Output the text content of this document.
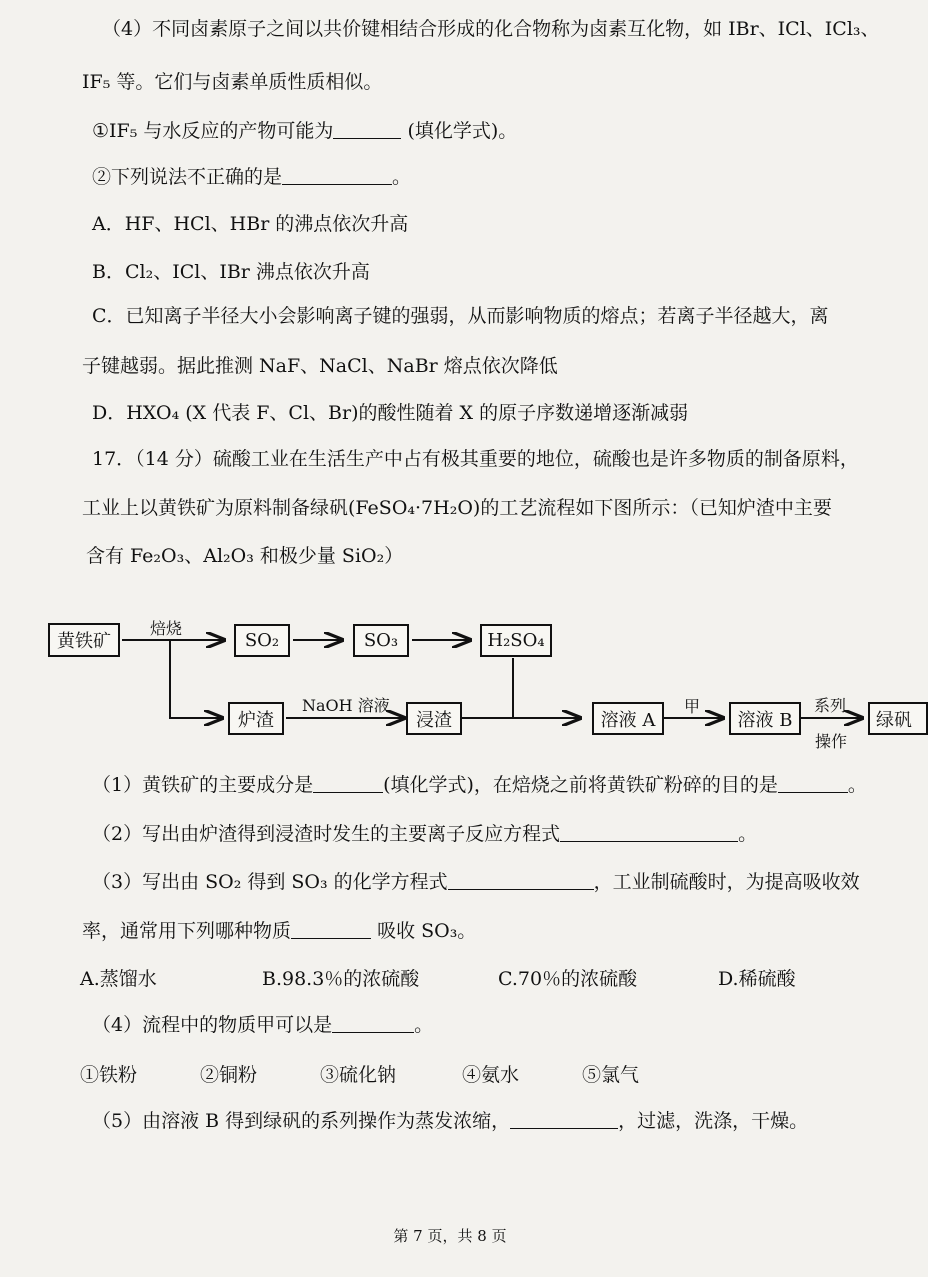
（4）不同卤素原子之间以共价键相结合形成的化合物称为卤素互化物，如 IBr、ICl、ICl₃、
IF₅ 等。它们与卤素单质性质相似。
①IF₅ 与水反应的产物可能为	(填化学式)。
②下列说法不正确的是	。
A．HF、HCl、HBr 的沸点依次升高
B．Cl₂、ICl、IBr 沸点依次升高
C．已知离子半径大小会影响离子键的强弱，从而影响物质的熔点；若离子半径越大，离
子键越弱。据此推测 NaF、NaCl、NaBr 熔点依次降低
D．HXO₄ (X 代表 F、Cl、Br)的酸性随着 X 的原子序数递增逐渐减弱
17．（14 分）硫酸工业在生活生产中占有极其重要的地位，硫酸也是许多物质的制备原料，
工业上以黄铁矿为原料制备绿矾(FeSO₄·7H₂O)的工艺流程如下图所示：（已知炉渣中主要
含有 Fe₂O₃、Al₂O₃ 和极少量 SiO₂）
黄铁矿
焙烧
SO₂	SO₃	H₂SO₄
炉渣
NaOH 溶液
浸渣	溶液 A
甲
溶液 B
系列
操作
绿矾
（1）黄铁矿的主要成分是	(填化学式)，在焙烧之前将黄铁矿粉碎的目的是	。
（2）写出由炉渣得到浸渣时发生的主要离子反应方程式	。
（3）写出由 SO₂ 得到 SO₃ 的化学方程式	，工业制硫酸时，为提高吸收效
率，通常用下列哪种物质	吸收 SO₃。
A.蒸馏水	B.98.3％的浓硫酸	C.70％的浓硫酸	D.稀硫酸
（4）流程中的物质甲可以是	。
①铁粉	②铜粉	③硫化钠	④氨水	⑤氯气
（5）由溶液 B 得到绿矾的系列操作为蒸发浓缩，	，过滤，洗涤，干燥。
第 7 页，共 8 页
